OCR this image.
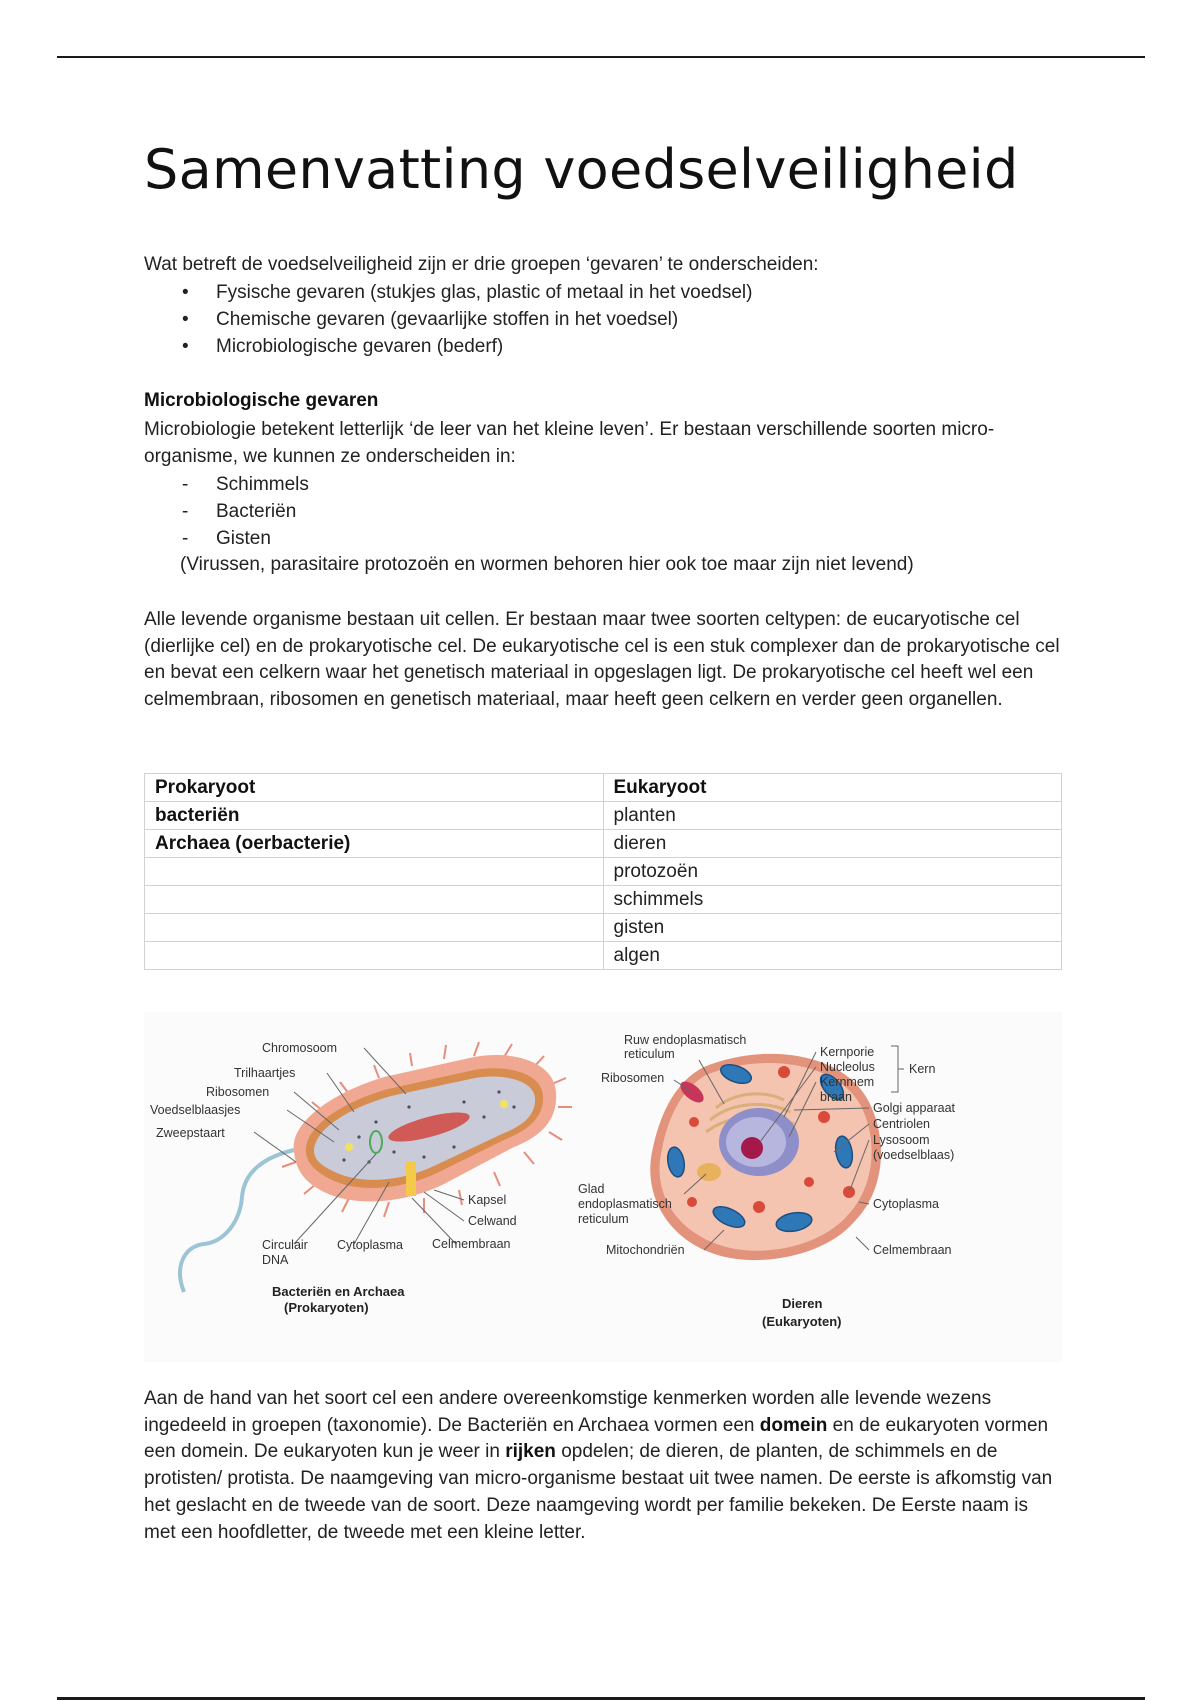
Samenvatting voedselveiligheid

Wat betreft de voedselveiligheid zijn er drie groepen ‘gevaren’ te onderscheiden:

• Fysische gevaren (stukjes glas, plastic of metaal in het voedsel)
• Chemische gevaren (gevaarlijke stoffen in het voedsel)
• Microbiologische gevaren (bederf)

Microbiologische gevaren

Microbiologie betekent letterlijk ‘de leer van het kleine leven’. Er bestaan verschillende soorten micro-organisme, we kunnen ze onderscheiden in:

- Schimmels
- Bacteriën
- Gisten

(Virussen, parasitaire protozoën en wormen behoren hier ook toe maar zijn niet levend)

Alle levende organisme bestaan uit cellen. Er bestaan maar twee soorten celtypen: de eucaryotische cel (dierlijke cel) en de prokaryotische cel. De eukaryotische cel is een stuk complexer dan de prokaryotische cel en bevat een celkern waar het genetisch materiaal in opgeslagen ligt. De prokaryotische cel heeft wel een celmembraan, ribosomen en genetisch materiaal, maar heeft geen celkern en verder geen organellen.

Prokaryoot	Eukaryoot
bacteriën	planten
Archaea (oerbacterie)	dieren
	protozoën
	schimmels
	gisten
	algen
Chromosoom
Trilhaartjes
Ribosomen
Voedselblaasjes
Zweepstaart
Kapsel
Celwand
Celmembraan
Circulair
DNA
Cytoplasma
Bacteriën en Archaea
(Prokaryoten)
Ruw endoplasmatisch
reticulum
Ribosomen
Kernporie
Nucleolus
Kernmem
braan
Kern
Golgi apparaat
Centriolen
Lysosoom
(voedselblaas)
Glad
endoplasmatisch
reticulum
Cytoplasma
Mitochondriën	Celmembraan
Dieren
(Eukaryoten)

Aan de hand van het soort cel een andere overeenkomstige kenmerken worden alle levende wezens ingedeeld in groepen (taxonomie). De Bacteriën en Archaea vormen een domein en de eukaryoten vormen een domein. De eukaryoten kun je weer in rijken opdelen; de dieren, de planten, de schimmels en de protisten/ protista. De naamgeving van micro-organisme bestaat uit twee namen. De eerste is afkomstig van het geslacht en de tweede van de soort. Deze naamgeving wordt per familie bekeken. De Eerste naam is met een hoofdletter, de tweede met een kleine letter.
